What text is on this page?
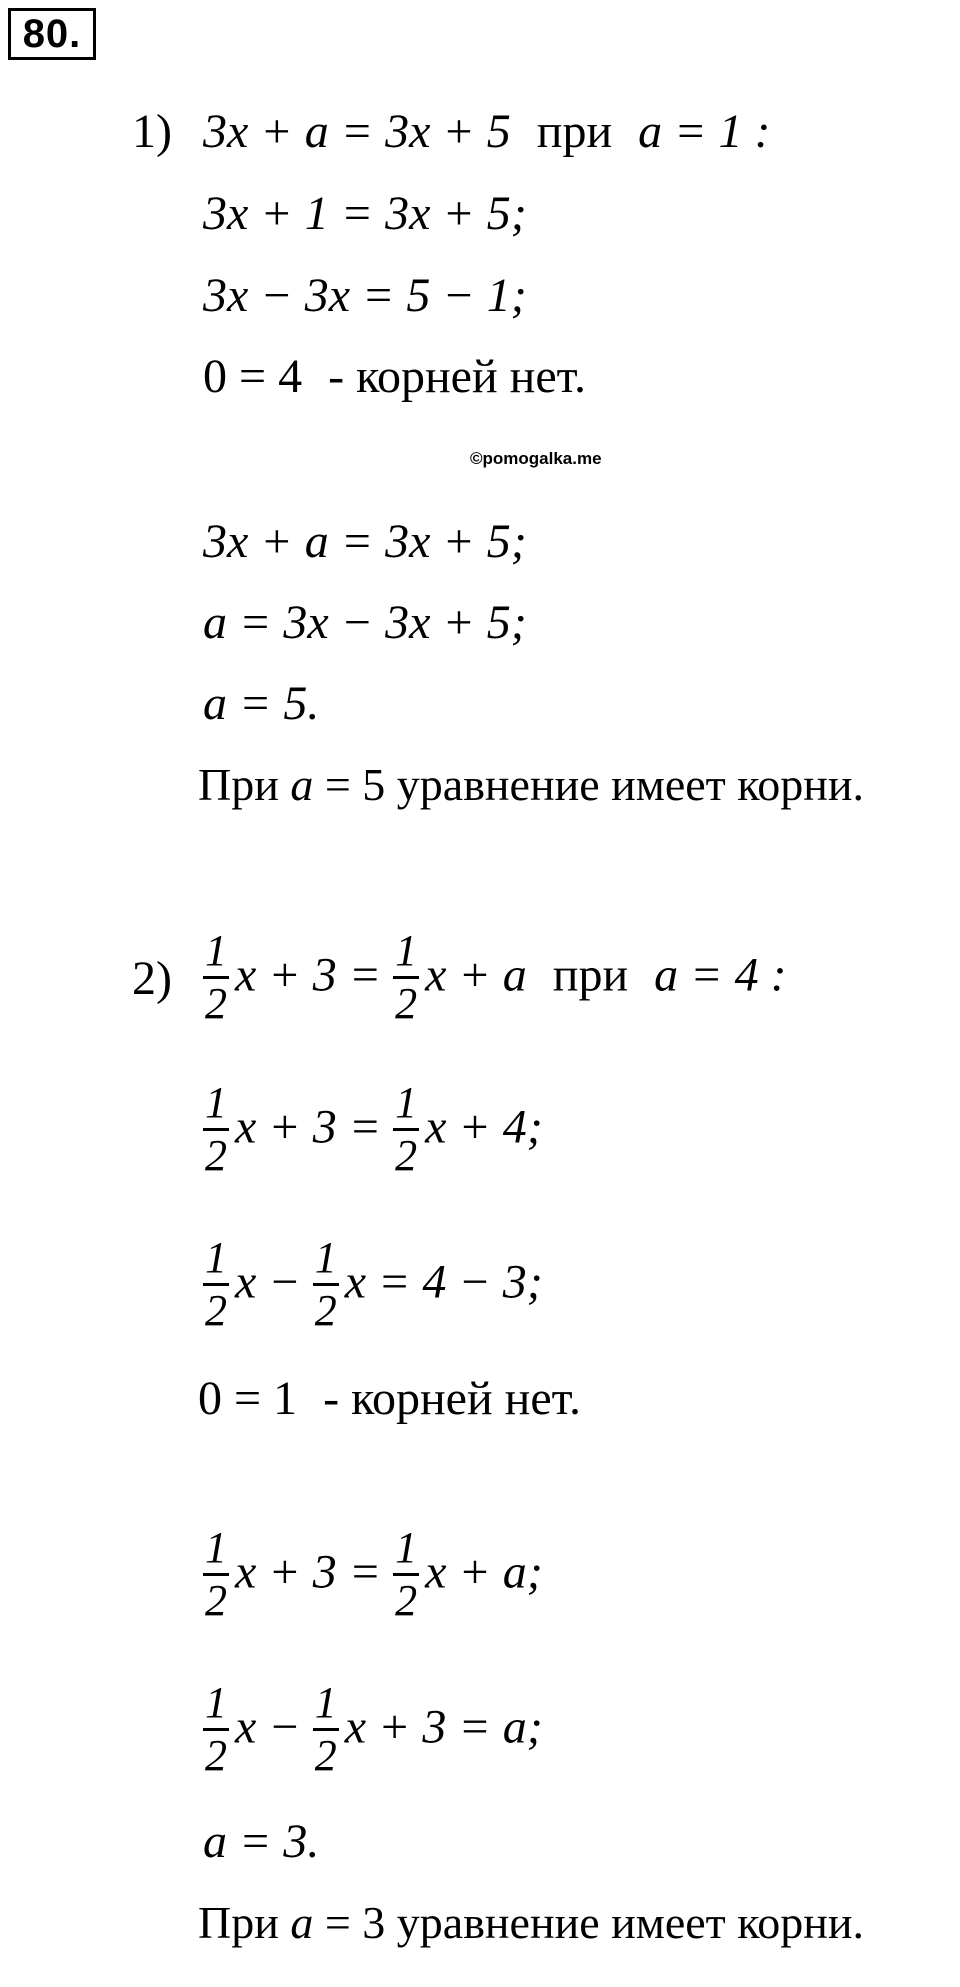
80.
1) 3x + a = 3x + 5 при a = 1 :
3x + 1 = 3x + 5;
3x − 3x = 5 − 1;
0 = 4 - корней нет.
©pomogalka.me
3x + a = 3x + 5;
a = 3x − 3x + 5;
a = 5.
При a = 5 уравнение имеет корни.
$2) \frac{1}{2}$ $x + 3 = \frac{1}{2}$ x + a при a = 4 :
$\frac{1}{2}$ $x + 3 = \frac{1}{2}$ x + 4;
$\frac{1}{2}$ $x - \frac{1}{2}$ x = 4 − 3;
0 = 1 - корней нет.
$\frac{1}{2}$ $x + 3 = \frac{1}{2}$ x + a;
$\frac{1}{2}$ $x - \frac{1}{2}$ x + 3 = a;
a = 3.
При a = 3 уравнение имеет корни.
